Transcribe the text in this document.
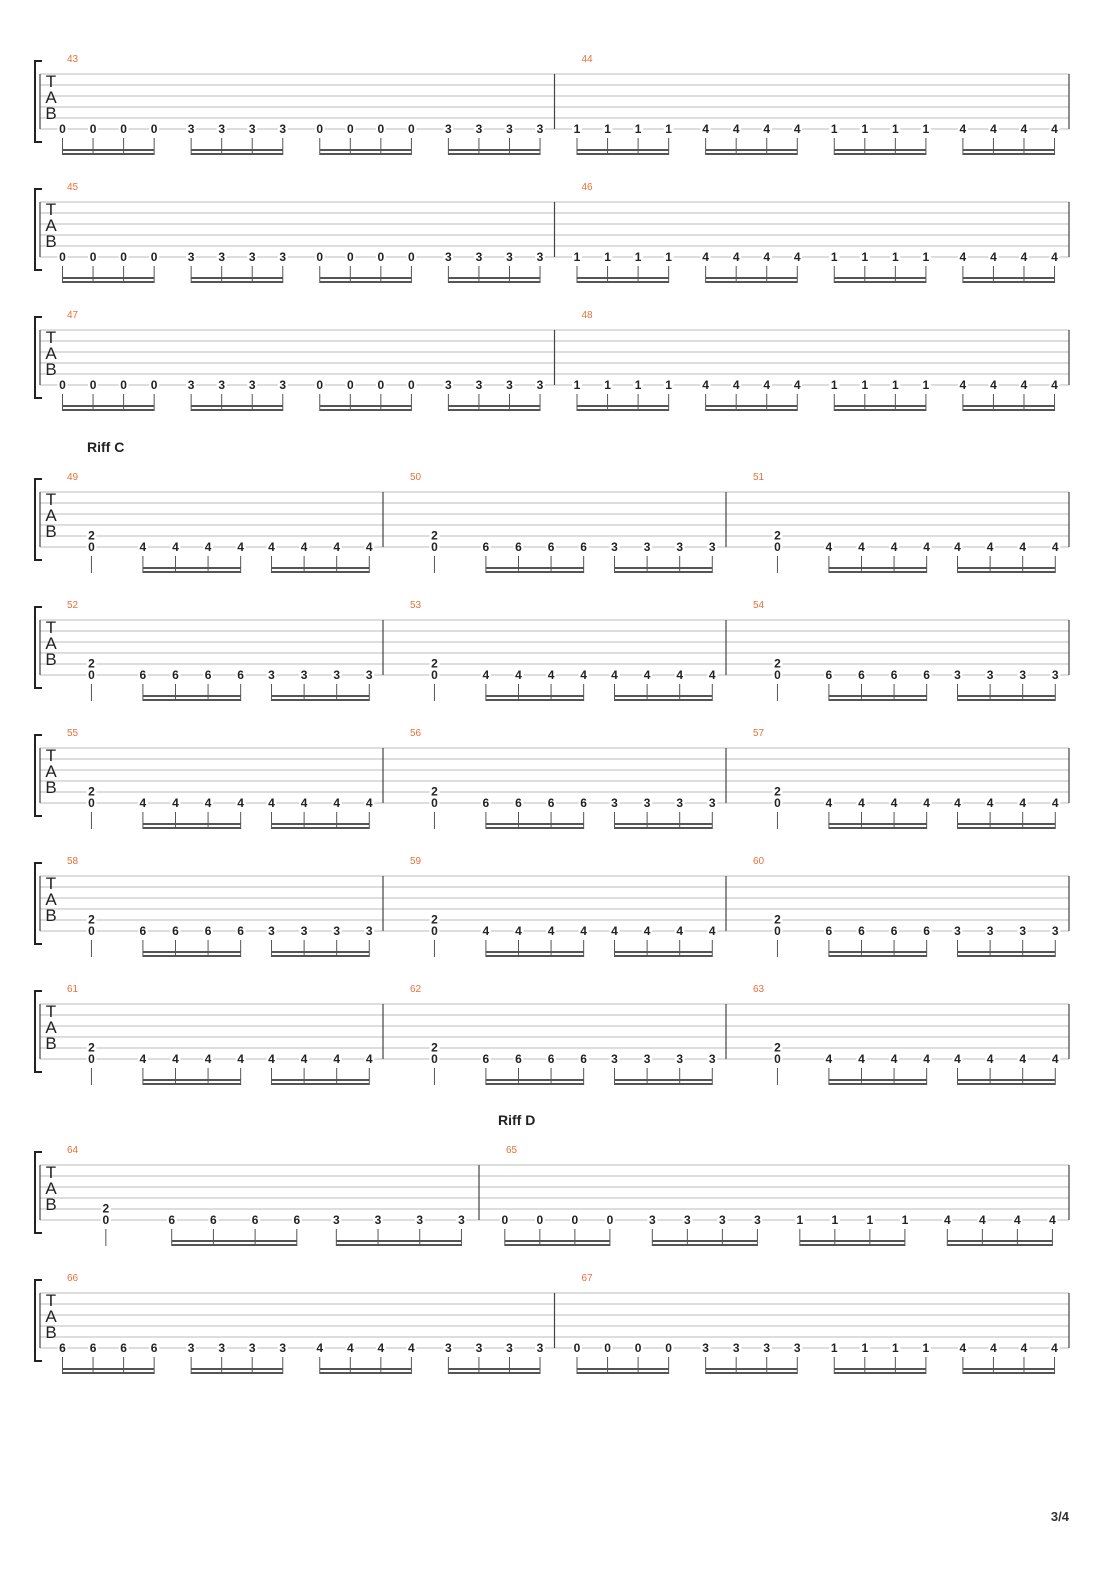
T
A
B
43
0 0 0 0	3 3 3 3	0 0 0 0	3 3 3 3
44
1 1 1 1	4 4 4 4	1 1 1 1	4 4 4 4
T
A
B
45
0 0 0 0	3 3 3 3	0 0 0 0	3 3 3 3
46
1 1 1 1	4 4 4 4	1 1 1 1	4 4 4 4
T
A
B
47
0 0 0 0	3 3 3 3	0 0 0 0	3 3 3 3
48
1 1 1 1	4 4 4 4	1 1 1 1	4 4 4 4
Riff C
T
A
B
49
2
0	4 4 4 4 4 4 4 4
50
2
0	6 6 6 6 3 3 3 3
51
2
0	4 4 4 4 4 4 4 4
T
A
B
52
2
0	6 6 6 6 3 3 3 3
53
2
0	4 4 4 4 4 4 4 4
54
2
0	6 6 6 6 3 3 3 3
T
A
B
55
2
0	4 4 4 4 4 4 4 4
56
2
0	6 6 6 6 3 3 3 3
57
2
0	4 4 4 4 4 4 4 4
T
A
B
58
2
0	6 6 6 6 3 3 3 3
59
2
0	4 4 4 4 4 4 4 4
60
2
0	6 6 6 6 3 3 3 3
T
A
B
61
2
0	4 4 4 4 4 4 4 4
62
2
0	6 6 6 6 3 3 3 3
63
2
0	4 4 4 4 4 4 4 4
Riff D
T
A
B
64
2
0	6	6	6	6	3	3	3	3
65
0 0 0 0	3 3 3 3	1 1 1 1	4 4 4 4
T
A
B
66
6 6 6 6	3 3 3 3	4 4 4 4	3 3 3 3
67
0 0 0 0	3 3 3 3	1 1 1 1	4 4 4 4
3/4
